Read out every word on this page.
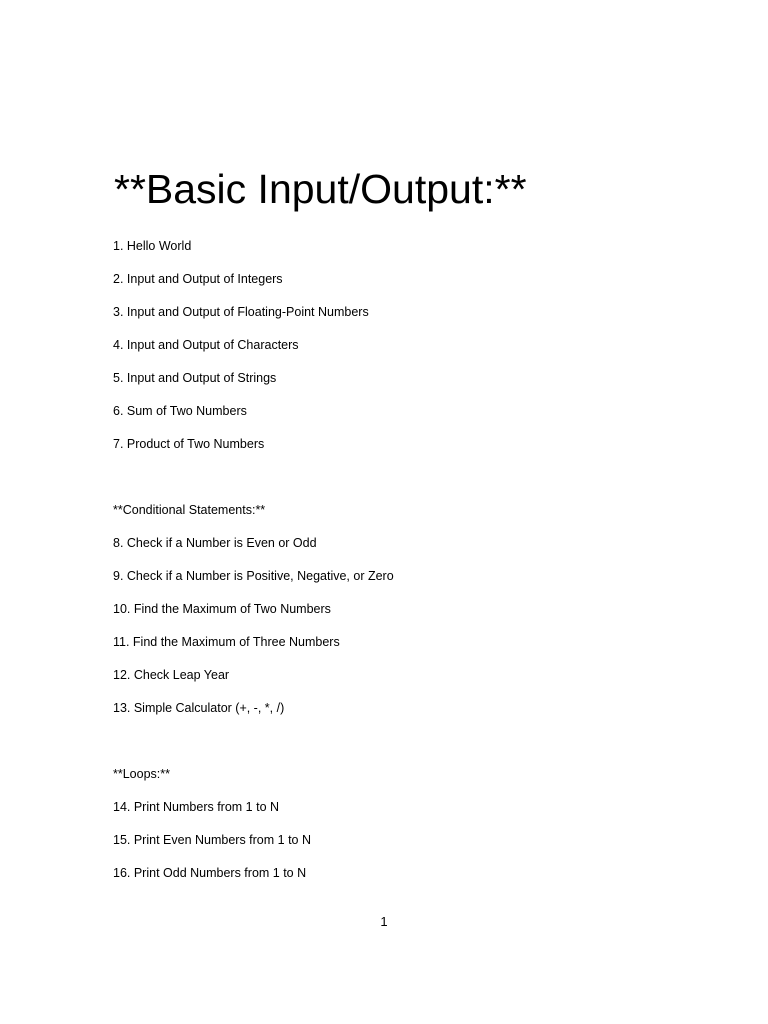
**Basic Input/Output:**

1. Hello World

2. Input and Output of Integers

3. Input and Output of Floating-Point Numbers

4. Input and Output of Characters

5. Input and Output of Strings

6. Sum of Two Numbers

7. Product of Two Numbers

**Conditional Statements:**

8. Check if a Number is Even or Odd

9. Check if a Number is Positive, Negative, or Zero

10. Find the Maximum of Two Numbers

11. Find the Maximum of Three Numbers

12. Check Leap Year

13. Simple Calculator (+, -, *, /)

**Loops:**

14. Print Numbers from 1 to N

15. Print Even Numbers from 1 to N

16. Print Odd Numbers from 1 to N

1
